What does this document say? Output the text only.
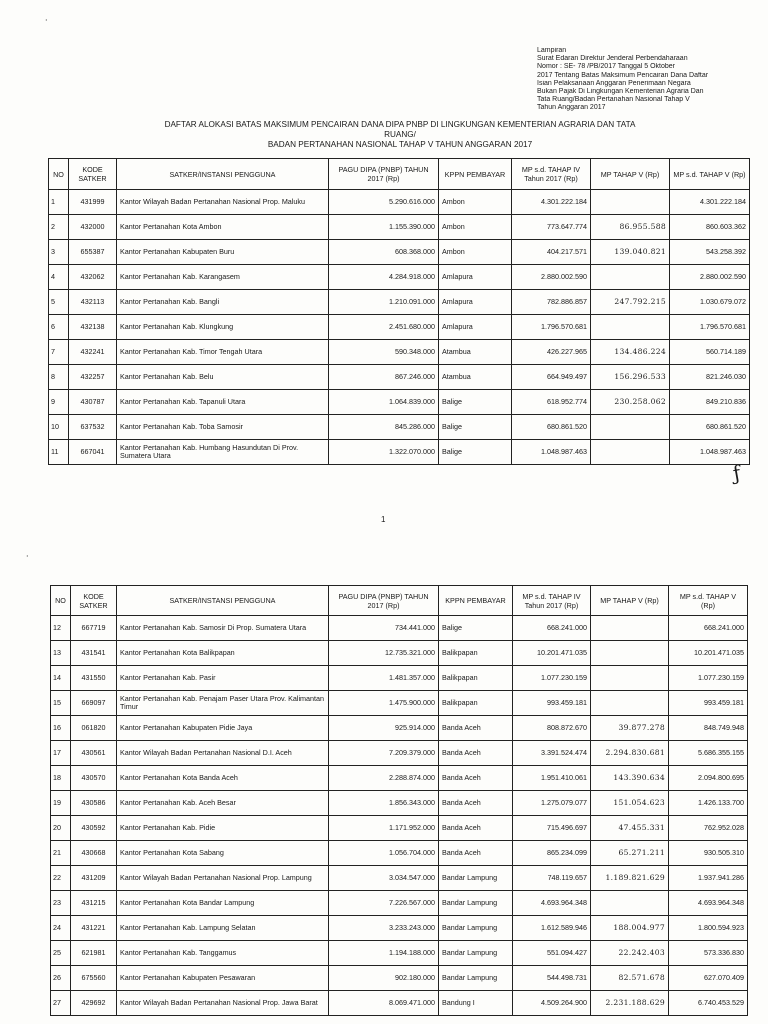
Lampiran
Surat Edaran Direktur Jenderal Perbendaharaan
Nomor : SE- 78 /PB/2017 Tanggal 5 Oktober
2017 Tentang Batas Maksimum Pencairan Dana Daftar
Isian Pelaksanaan Anggaran Penerimaan Negara
Bukan Pajak Di Lingkungan Kementerian Agraria Dan
Tata Ruang/Badan Pertanahan Nasional Tahap V
Tahun Anggaran 2017
DAFTAR ALOKASI BATAS MAKSIMUM PENCAIRAN DANA DIPA PNBP DI LINGKUNGAN KEMENTERIAN AGRARIA DAN TATA RUANG/
BADAN PERTANAHAN NASIONAL TAHAP V TAHUN ANGGARAN 2017
NO	KODE SATKER	SATKER/INSTANSI PENGGUNA	PAGU DIPA (PNBP) TAHUN 2017 (Rp)	KPPN PEMBAYAR	MP s.d. TAHAP IV Tahun 2017 (Rp)	MP TAHAP V (Rp)	MP s.d. TAHAP V (Rp)
1	431999	Kantor Wilayah Badan Pertanahan Nasional Prop. Maluku	5.290.616.000	Ambon	4.301.222.184		4.301.222.184
2	432000	Kantor Pertanahan Kota Ambon	1.155.390.000	Ambon	773.647.774	86.955.588	860.603.362
3	655387	Kantor Pertanahan Kabupaten Buru	608.368.000	Ambon	404.217.571	139.040.821	543.258.392
4	432062	Kantor Pertanahan Kab. Karangasem	4.284.918.000	Amlapura	2.880.002.590		2.880.002.590
5	432113	Kantor Pertanahan Kab. Bangli	1.210.091.000	Amlapura	782.886.857	247.792.215	1.030.679.072
6	432138	Kantor Pertanahan Kab. Klungkung	2.451.680.000	Amlapura	1.796.570.681		1.796.570.681
7	432241	Kantor Pertanahan Kab. Timor Tengah Utara	590.348.000	Atambua	426.227.965	134.486.224	560.714.189
8	432257	Kantor Pertanahan Kab. Belu	867.246.000	Atambua	664.949.497	156.296.533	821.246.030
9	430787	Kantor Pertanahan Kab. Tapanuli Utara	1.064.839.000	Balige	618.952.774	230.258.062	849.210.836
10	637532	Kantor Pertanahan Kab. Toba Samosir	845.286.000	Balige	680.861.520		680.861.520
11	667041	Kantor Pertanahan Kab. Humbang Hasundutan Di Prov. Sumatera Utara	1.322.070.000	Balige	1.048.987.463		1.048.987.463
1
NO	KODE SATKER	SATKER/INSTANSI PENGGUNA	PAGU DIPA (PNBP) TAHUN 2017 (Rp)	KPPN PEMBAYAR	MP s.d. TAHAP IV Tahun 2017 (Rp)	MP TAHAP V (Rp)	MP s.d. TAHAP V (Rp)
12	667719	Kantor Pertanahan Kab. Samosir Di Prop. Sumatera Utara	734.441.000	Balige	668.241.000		668.241.000
13	431541	Kantor Pertanahan Kota Balikpapan	12.735.321.000	Balikpapan	10.201.471.035		10.201.471.035
14	431550	Kantor Pertanahan Kab. Pasir	1.481.357.000	Balikpapan	1.077.230.159		1.077.230.159
15	669097	Kantor Pertanahan Kab. Penajam Paser Utara Prov. Kalimantan Timur	1.475.900.000	Balikpapan	993.459.181		993.459.181
16	061820	Kantor Pertanahan Kabupaten Pidie Jaya	925.914.000	Banda Aceh	808.872.670	39.877.278	848.749.948
17	430561	Kantor Wilayah Badan Pertanahan Nasional D.I. Aceh	7.209.379.000	Banda Aceh	3.391.524.474	2.294.830.681	5.686.355.155
18	430570	Kantor Pertanahan Kota Banda Aceh	2.288.874.000	Banda Aceh	1.951.410.061	143.390.634	2.094.800.695
19	430586	Kantor Pertanahan Kab. Aceh Besar	1.856.343.000	Banda Aceh	1.275.079.077	151.054.623	1.426.133.700
20	430592	Kantor Pertanahan Kab. Pidie	1.171.952.000	Banda Aceh	715.496.697	47.455.331	762.952.028
21	430668	Kantor Pertanahan Kota Sabang	1.056.704.000	Banda Aceh	865.234.099	65.271.211	930.505.310
22	431209	Kantor Wilayah Badan Pertanahan Nasional Prop. Lampung	3.034.547.000	Bandar Lampung	748.119.657	1.189.821.629	1.937.941.286
23	431215	Kantor Pertanahan Kota Bandar Lampung	7.226.567.000	Bandar Lampung	4.693.964.348		4.693.964.348
24	431221	Kantor Pertanahan Kab. Lampung Selatan	3.233.243.000	Bandar Lampung	1.612.589.946	188.004.977	1.800.594.923
25	621981	Kantor Pertanahan Kab. Tanggamus	1.194.188.000	Bandar Lampung	551.094.427	22.242.403	573.336.830
26	675560	Kantor Pertanahan Kabupaten Pesawaran	902.180.000	Bandar Lampung	544.498.731	82.571.678	627.070.409
27	429692	Kantor Wilayah Badan Pertanahan Nasional Prop. Jawa Barat	8.069.471.000	Bandung I	4.509.264.900	2.231.188.629	6.740.453.529
ƒ
·
·
